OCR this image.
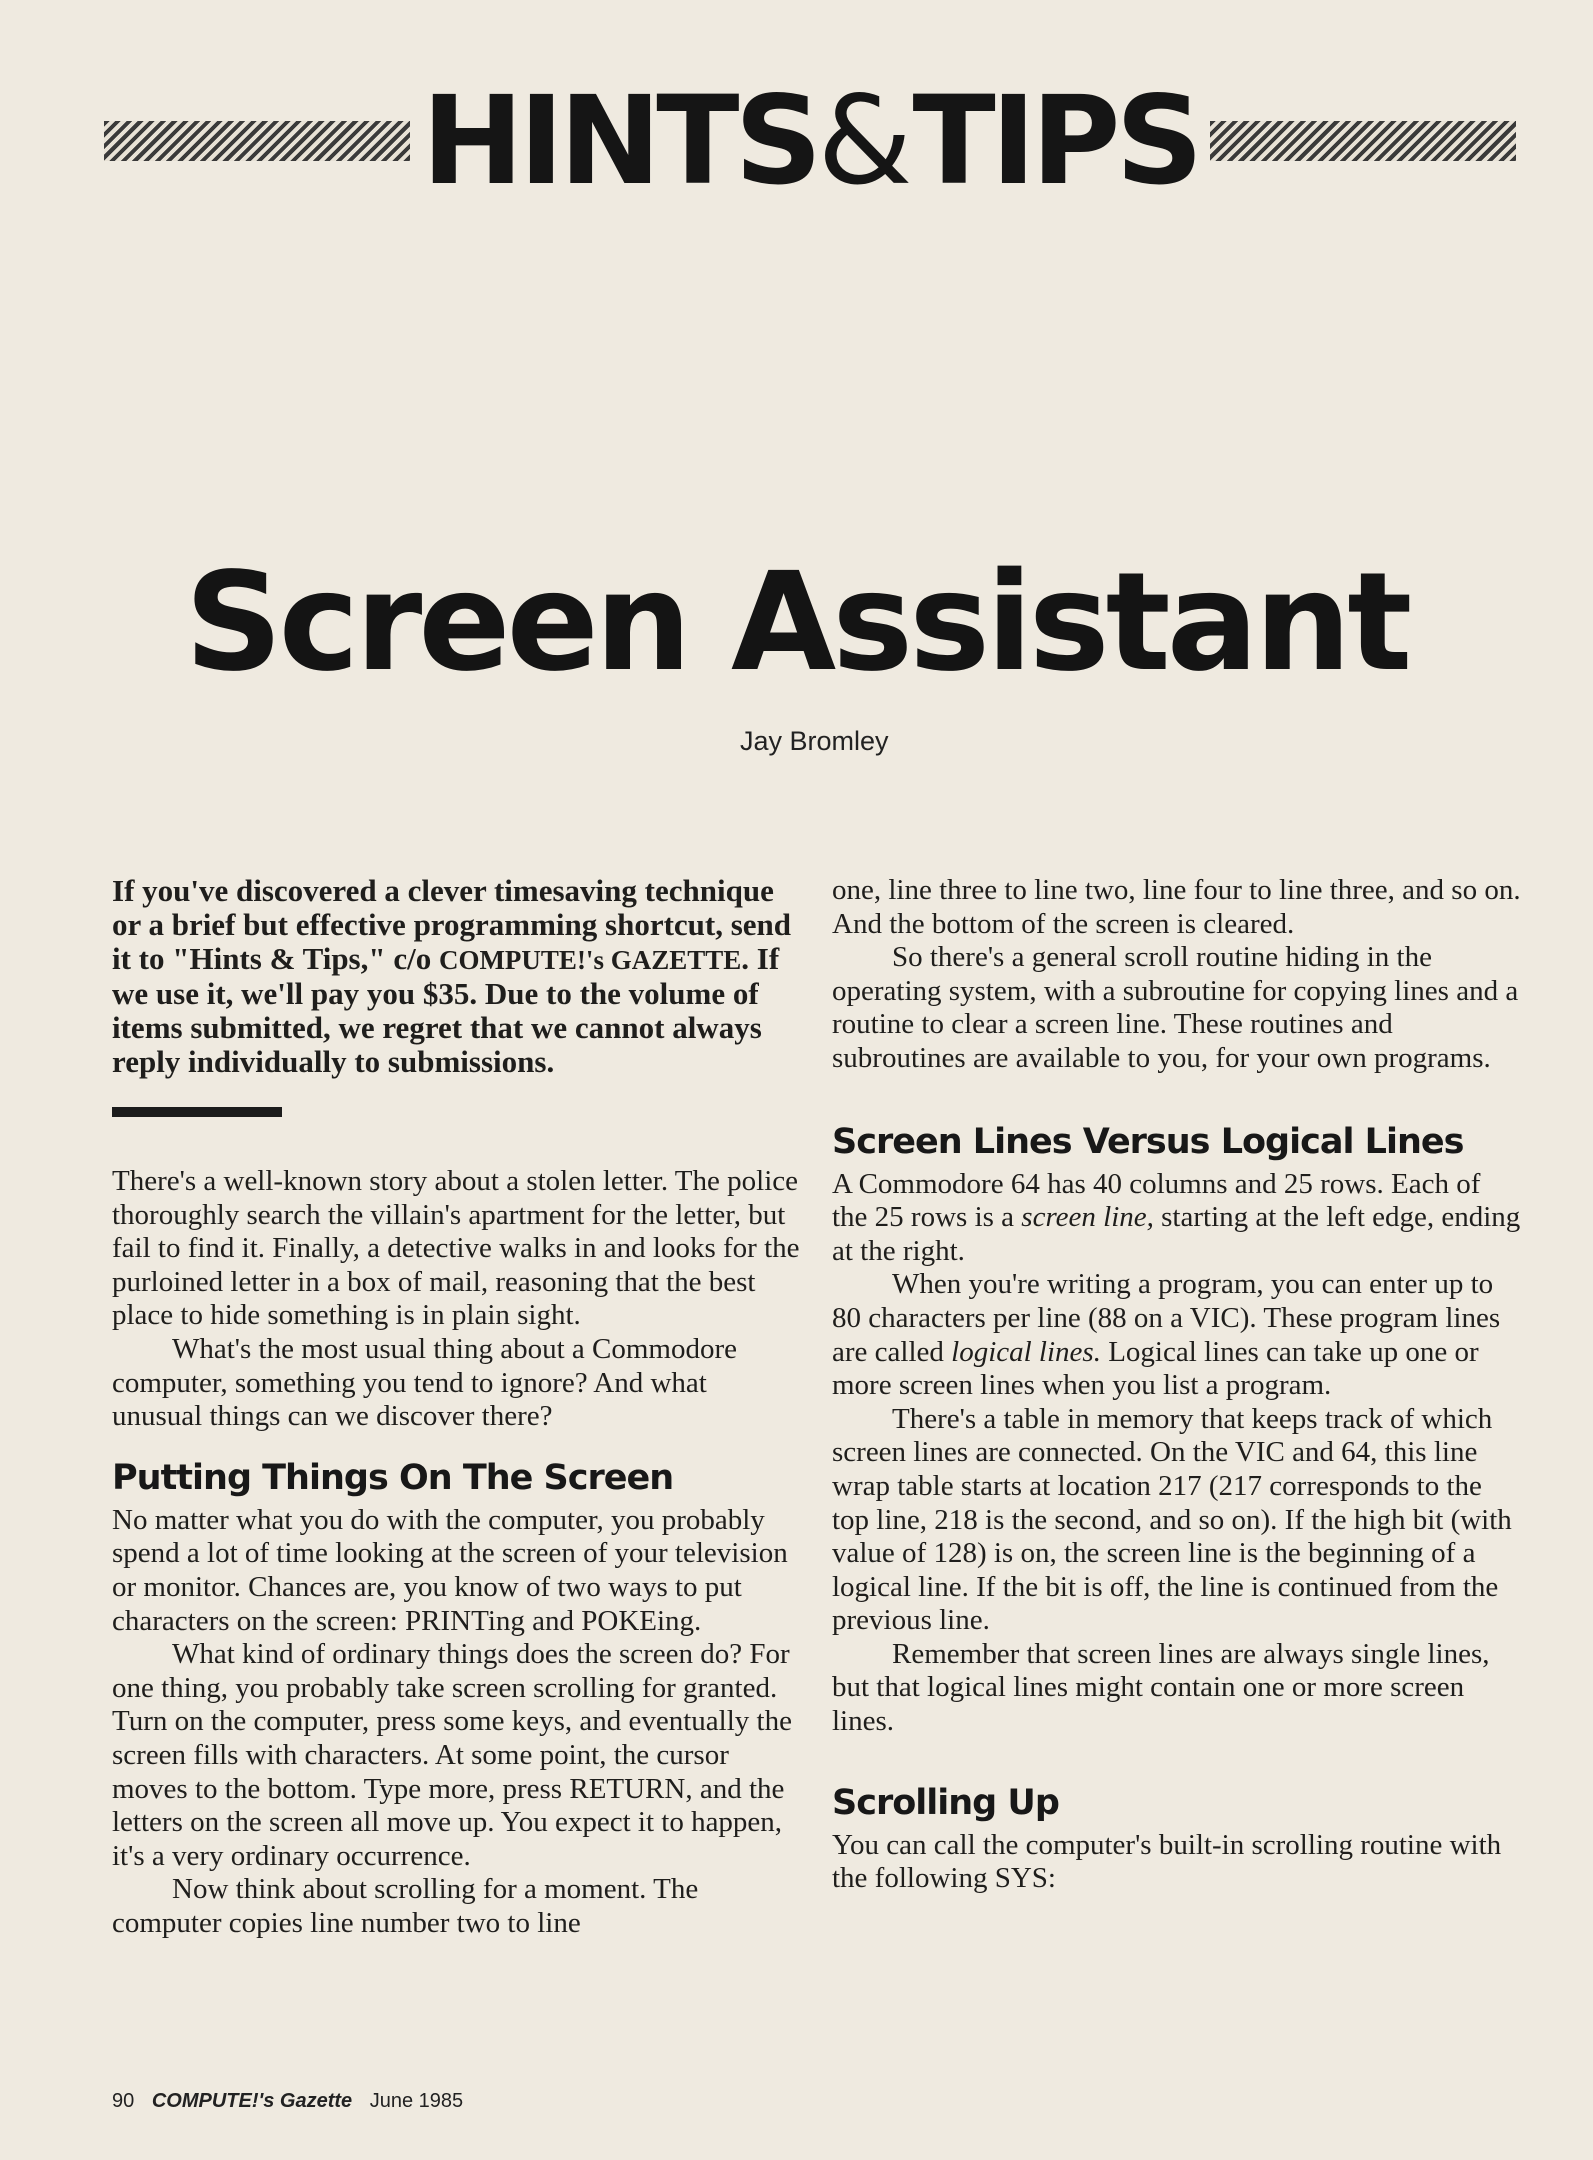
HINTS&TIPS
Screen Assistant
Jay Bromley

If you've discovered a clever timesaving technique or a brief but effective programming shortcut, send it to "Hints & Tips," c/o COMPUTE!'s GAZETTE. If we use it, we'll pay you $35. Due to the volume of items submitted, we regret that we cannot always reply individually to submissions.

There's a well-known story about a stolen letter. The police thoroughly search the villain's apartment for the letter, but fail to find it. Finally, a detective walks in and looks for the purloined letter in a box of mail, reasoning that the best place to hide something is in plain sight.

What's the most usual thing about a Commodore computer, something you tend to ignore? And what unusual things can we discover there?

Putting Things On The Screen

No matter what you do with the computer, you probably spend a lot of time looking at the screen of your television or monitor. Chances are, you know of two ways to put characters on the screen: PRINTing and POKEing.

What kind of ordinary things does the screen do? For one thing, you probably take screen scrolling for granted. Turn on the computer, press some keys, and eventually the screen fills with characters. At some point, the cursor moves to the bottom. Type more, press RETURN, and the letters on the screen all move up. You expect it to happen, it's a very ordinary occurrence.

Now think about scrolling for a moment. The computer copies line number two to line

one, line three to line two, line four to line three, and so on. And the bottom of the screen is cleared.

So there's a general scroll routine hiding in the operating system, with a subroutine for copying lines and a routine to clear a screen line. These routines and subroutines are available to you, for your own programs.

Screen Lines Versus Logical Lines

A Commodore 64 has 40 columns and 25 rows. Each of the 25 rows is a screen line, starting at the left edge, ending at the right.

When you're writing a program, you can enter up to 80 characters per line (88 on a VIC). These program lines are called logical lines. Logical lines can take up one or more screen lines when you list a program.

There's a table in memory that keeps track of which screen lines are connected. On the VIC and 64, this line wrap table starts at location 217 (217 corresponds to the top line, 218 is the second, and so on). If the high bit (with value of 128) is on, the screen line is the beginning of a logical line. If the bit is off, the line is continued from the previous line.

Remember that screen lines are always single lines, but that logical lines might contain one or more screen lines.

Scrolling Up

You can call the computer's built-in scrolling routine with the following SYS:

90 COMPUTE!'s Gazette June 1985
